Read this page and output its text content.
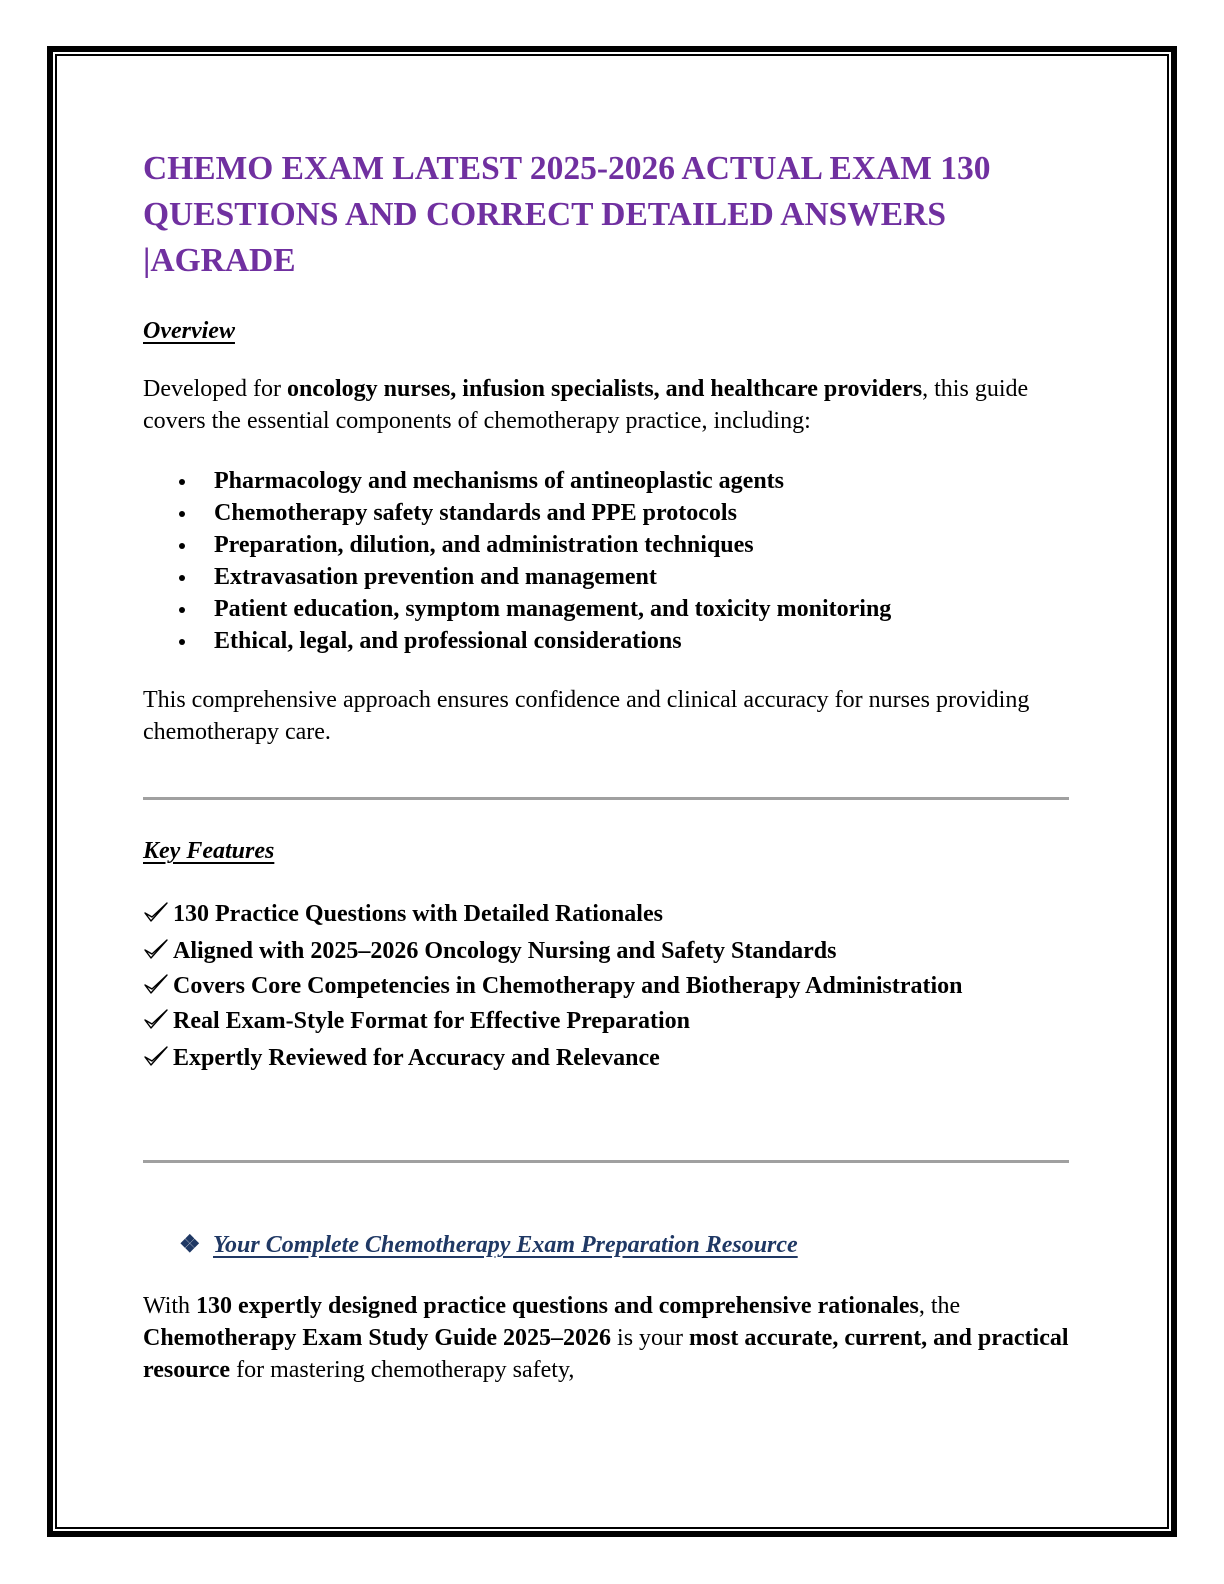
CHEMO EXAM LATEST 2025-2026 ACTUAL EXAM 130 QUESTIONS AND CORRECT DETAILED ANSWERS |AGRADE
Overview

Developed for oncology nurses, infusion specialists, and healthcare providers, this guide covers the essential components of chemotherapy practice, including:

Pharmacology and mechanisms of antineoplastic agents
Chemotherapy safety standards and PPE protocols
Preparation, dilution, and administration techniques
Extravasation prevention and management
Patient education, symptom management, and toxicity monitoring
Ethical, legal, and professional considerations

This comprehensive approach ensures confidence and clinical accuracy for nurses providing chemotherapy care.

Key Features
130 Practice Questions with Detailed Rationales
Aligned with 2025–2026 Oncology Nursing and Safety Standards
Covers Core Competencies in Chemotherapy and Biotherapy Administration
Real Exam-Style Format for Effective Preparation
Expertly Reviewed for Accuracy and Relevance
❖ Your Complete Chemotherapy Exam Preparation Resource

With 130 expertly designed practice questions and comprehensive rationales, the Chemotherapy Exam Study Guide 2025–2026 is your most accurate, current, and practical resource for mastering chemotherapy safety,
